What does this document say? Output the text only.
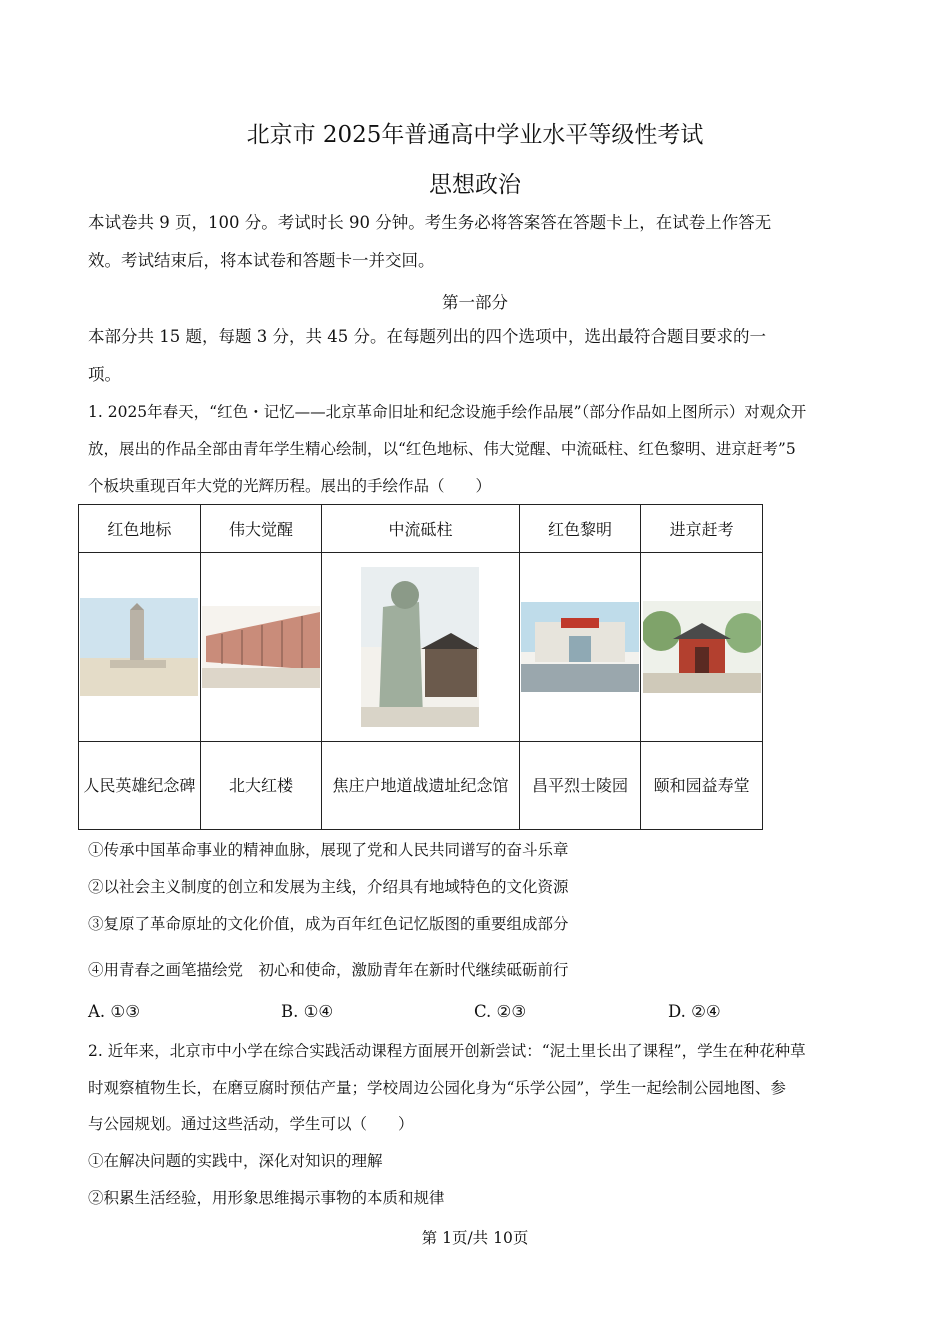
北京市 2025年普通高中学业水平等级性考试
思想政治
本试卷共 9 页，100 分。考试时长 90 分钟。考生务必将答案答在答题卡上，在试卷上作答无
效。考试结束后，将本试卷和答题卡一并交回。
第一部分
本部分共 15 题，每题 3 分，共 45 分。在每题列出的四个选项中，选出最符合题目要求的一
项。
1. 2025年春天，“红色・记忆——北京革命旧址和纪念设施手绘作品展”（部分作品如上图所示）对观众开
放，展出的作品全部由青年学生精心绘制，以“红色地标、伟大觉醒、中流砥柱、红色黎明、进京赶考”5
个板块重现百年大党的光辉历程。展出的手绘作品（　　）
红色地标	伟大觉醒	中流砥柱	红色黎明	进京赶考

人民英雄纪念碑	北大红楼	焦庄户地道战遗址纪念馆	昌平烈士陵园	颐和园益寿堂
①传承中国革命事业的精神血脉，展现了党和人民共同谱写的奋斗乐章
②以社会主义制度的创立和发展为主线，介绍具有地域特色的文化资源
③复原了革命原址的文化价值，成为百年红色记忆版图的重要组成部分
④用青春之画笔描绘党　初心和使命，激励青年在新时代继续砥砺前行
A. ①③	B. ①④	C. ②③	D. ②④
2. 近年来，北京市中小学在综合实践活动课程方面展开创新尝试：“泥土里长出了课程”，学生在种花种草
时观察植物生长，在磨豆腐时预估产量；学校周边公园化身为“乐学公园”，学生一起绘制公园地图、参
与公园规划。通过这些活动，学生可以（　　）
①在解决问题的实践中，深化对知识的理解
②积累生活经验，用形象思维揭示事物的本质和规律
第 1页/共 10页
